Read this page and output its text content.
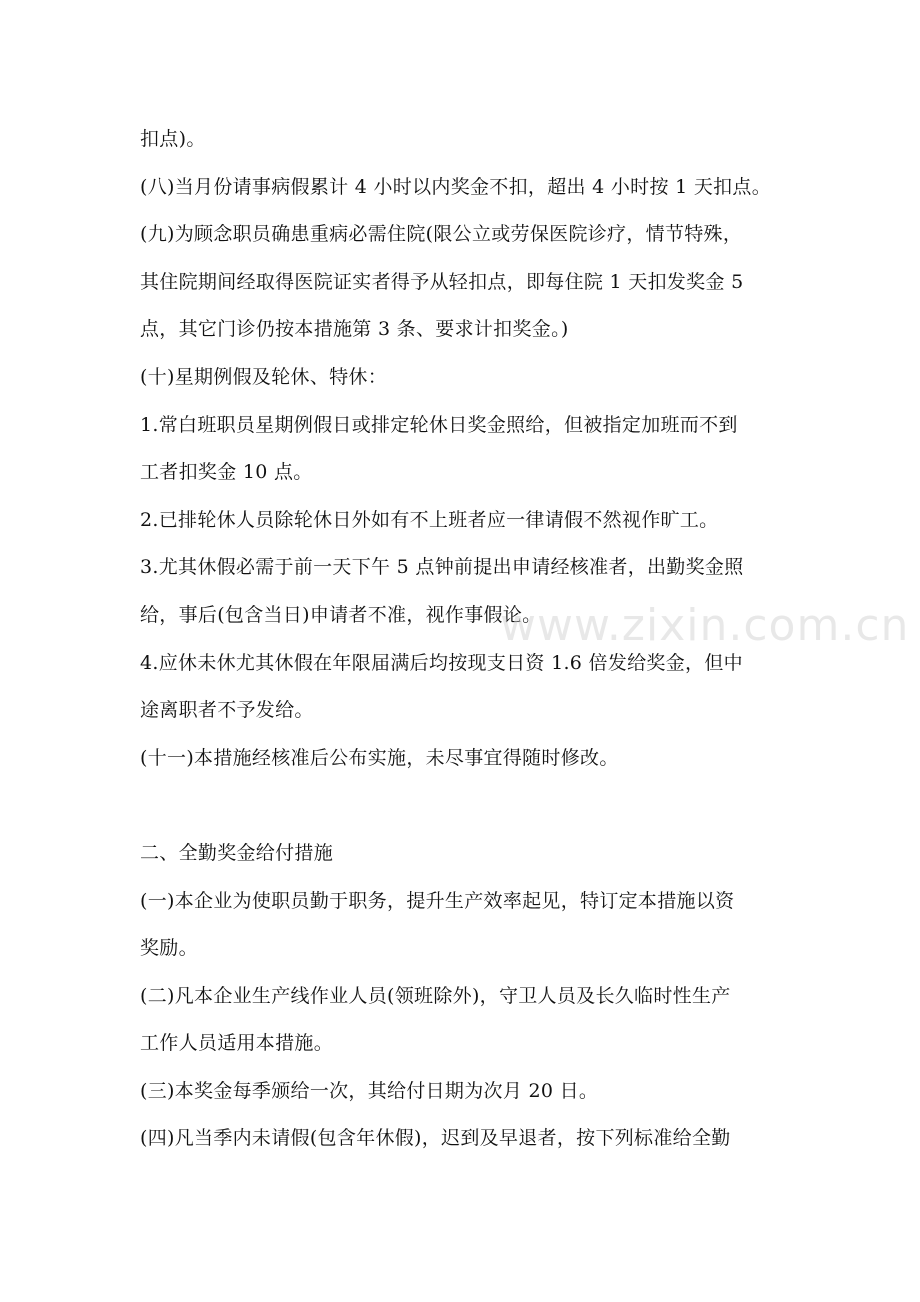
扣点)。
(八)当月份请事病假累计 4 小时以内奖金不扣，超出 4 小时按 1 天扣点。
(九)为顾念职员确患重病必需住院(限公立或劳保医院诊疗，情节特殊，
其住院期间经取得医院证实者得予从轻扣点，即每住院 1 天扣发奖金 5
点，其它门诊仍按本措施第 3 条、要求计扣奖金。)
(十)星期例假及轮休、特休：
1.常白班职员星期例假日或排定轮休日奖金照给，但被指定加班而不到
工者扣奖金 10 点。
2.已排轮休人员除轮休日外如有不上班者应一律请假不然视作旷工。
3.尤其休假必需于前一天下午 5 点钟前提出申请经核准者，出勤奖金照
给，事后(包含当日)申请者不准，视作事假论。
4.应休未休尤其休假在年限届满后均按现支日资 1.6 倍发给奖金，但中
途离职者不予发给。
(十一)本措施经核准后公布实施，未尽事宜得随时修改。
二、全勤奖金给付措施
(一)本企业为使职员勤于职务，提升生产效率起见，特订定本措施以资
奖励。
(二)凡本企业生产线作业人员(领班除外)，守卫人员及长久临时性生产
工作人员适用本措施。
(三)本奖金每季颁给一次，其给付日期为次月 20 日。
(四)凡当季内未请假(包含年休假)，迟到及早退者，按下列标准给全勤
www.zixin.com.cn
